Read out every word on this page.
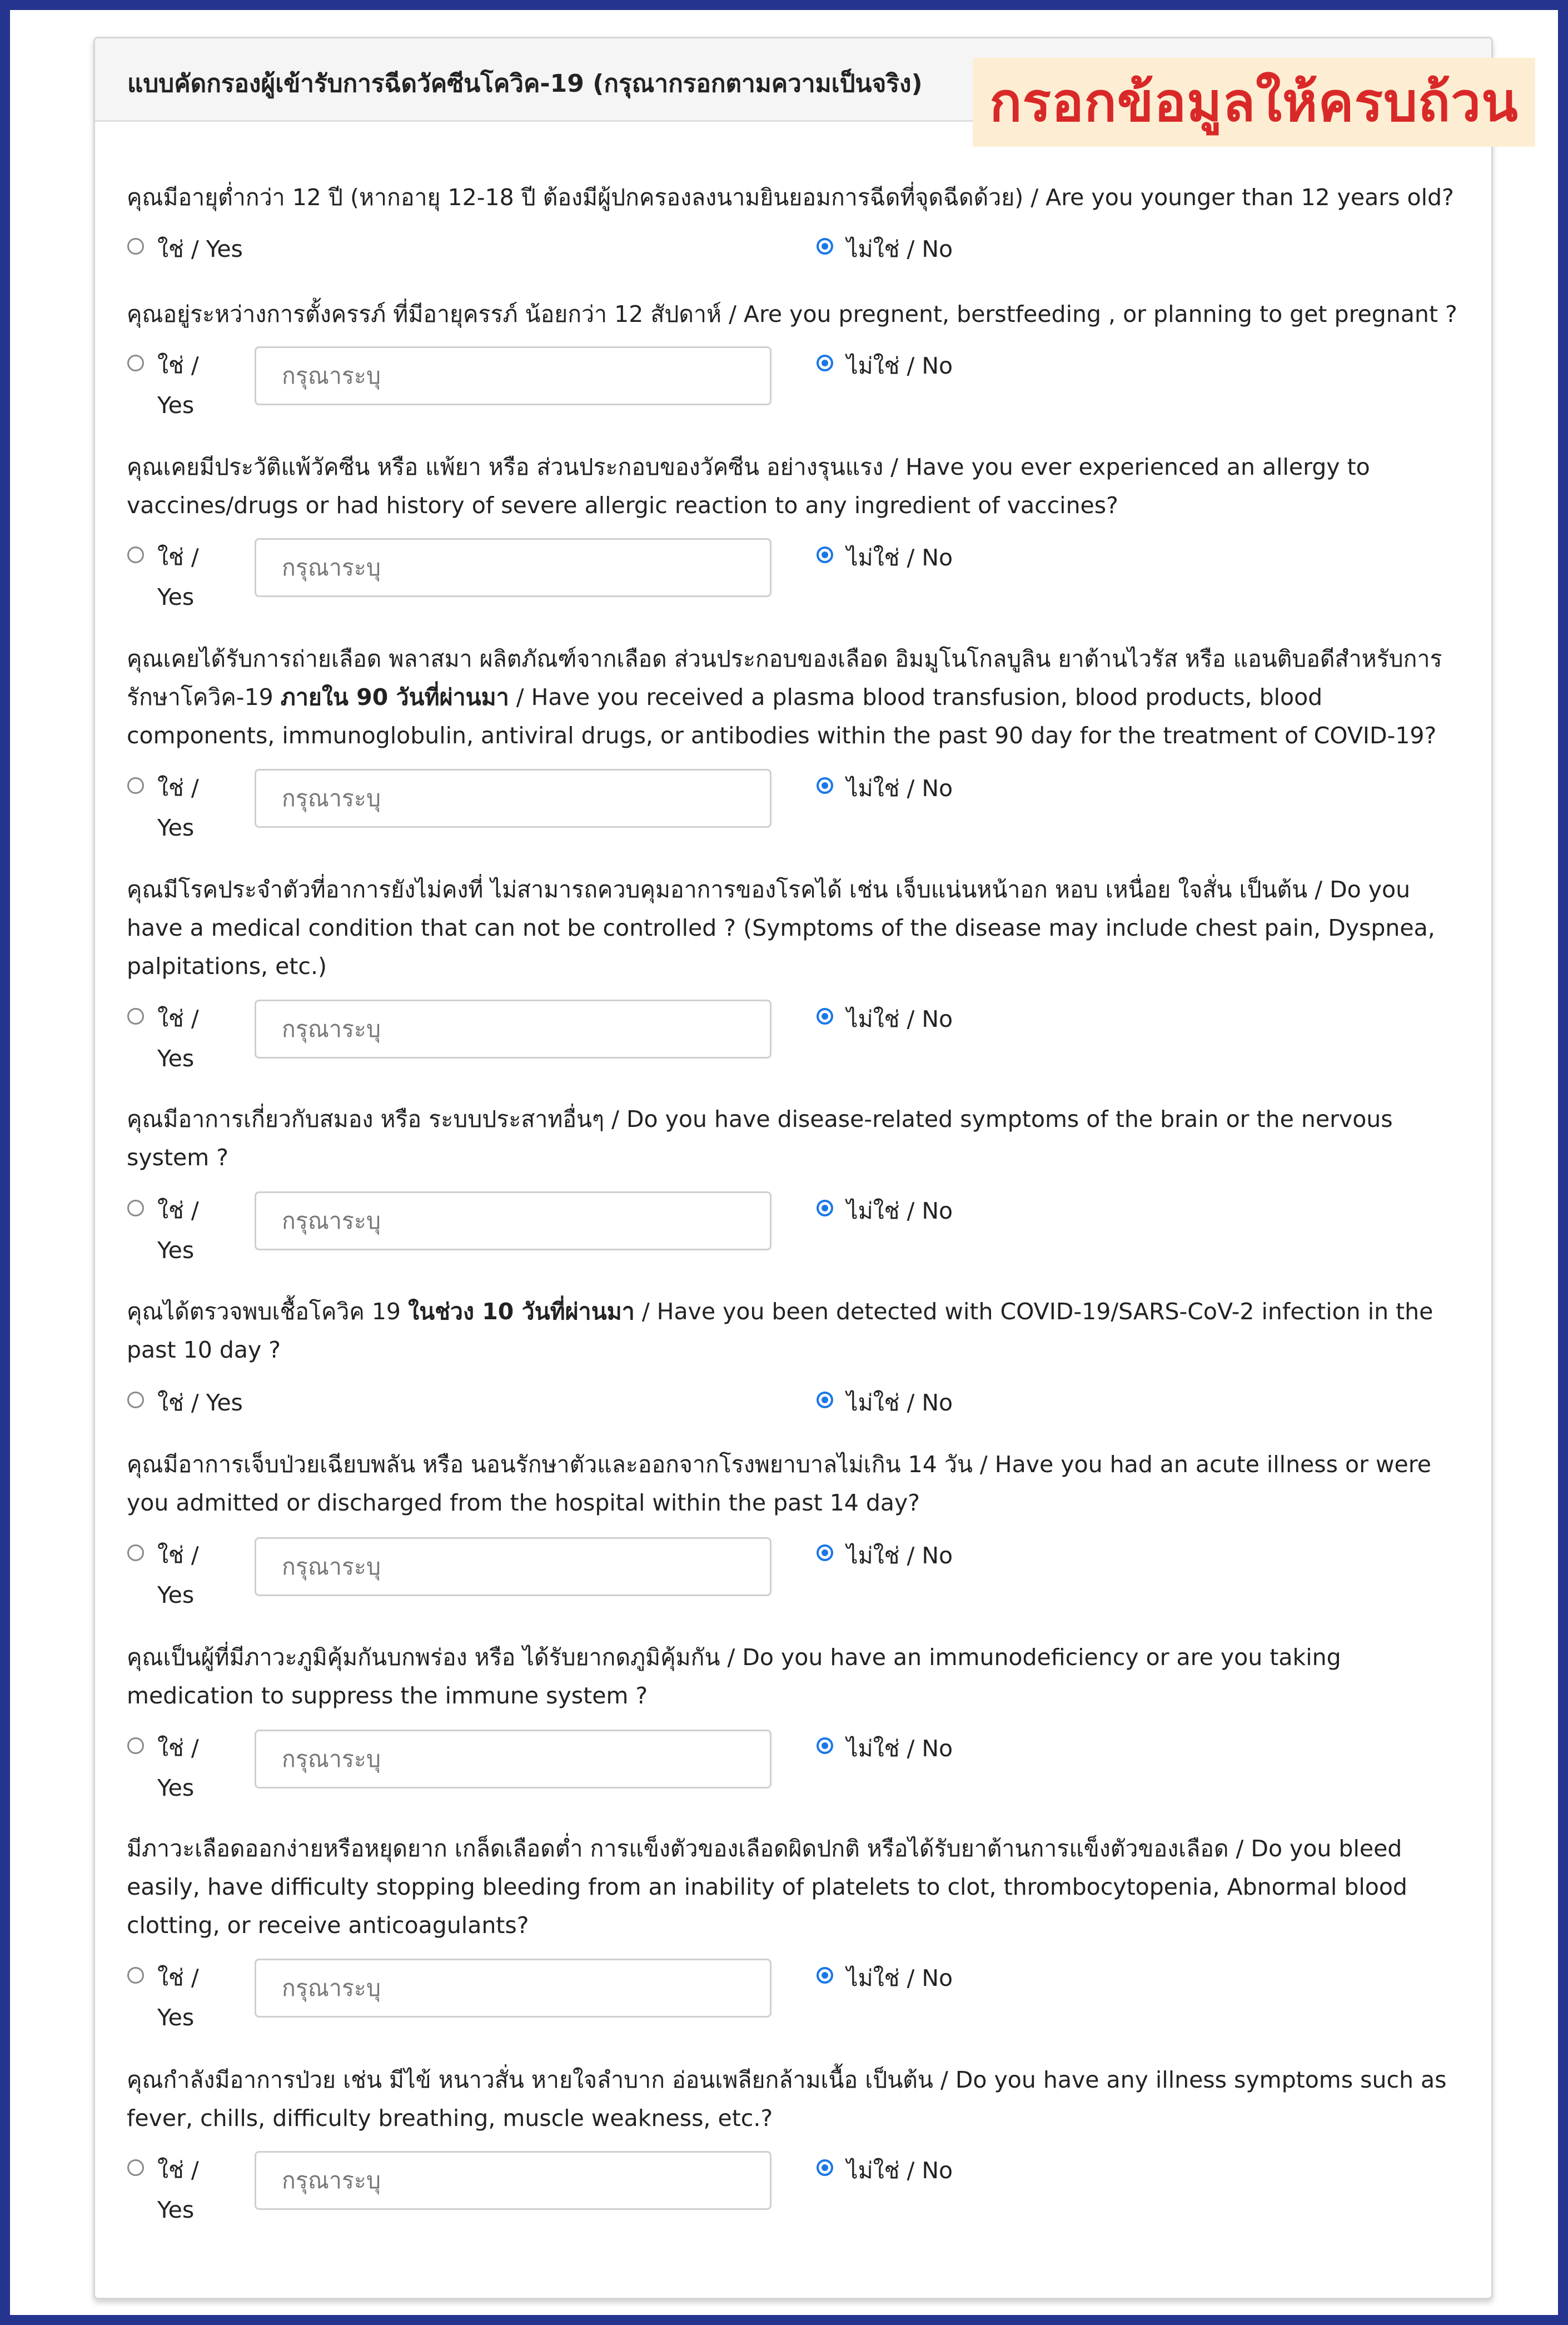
แบบคัดกรองผู้เข้ารับการฉีดวัคซีนโควิค-19 (กรุณากรอกตามความเป็นจริง) กรอกข้อมูลให้ครบถ้วน
คุณมีอายุต่ำกว่า 12 ปี (หากอายุ 12-18 ปี ต้องมีผู้ปกครองลงนามยินยอมการฉีดที่จุดฉีดด้วย) / Are you younger than 12 years old?
ใช่ / Yes	ไม่ใช่ / No
คุณอยู่ระหว่างการตั้งครรภ์ ที่มีอายุครรภ์ น้อยกว่า 12 สัปดาห์ / Are you pregnent, berstfeeding , or planning to get pregnant ?
ใช่ /
Yes
กรุณาระบุ
ไม่ใช่ / No
คุณเคยมีประวัติแพ้วัคซีน หรือ แพ้ยา หรือ ส่วนประกอบของวัคซีน อย่างรุนแรง / Have you ever experienced an allergy to vaccines/drugs or had history of severe allergic reaction to any ingredient of vaccines?
ใช่ /
Yes
กรุณาระบุ
ไม่ใช่ / No
คุณเคยได้รับการถ่ายเลือด พลาสมา ผลิตภัณฑ์จากเลือด ส่วนประกอบของเลือด อิมมูโนโกลบูลิน ยาต้านไวรัส หรือ แอนติบอดีสำหรับการรักษาโควิค-19 ภายใน 90 วันที่ผ่านมา / Have you received a plasma blood transfusion, blood products, blood components, immunoglobulin, antiviral drugs, or antibodies within the past 90 day for the treatment of COVID-19?
ใช่ /
Yes
กรุณาระบุ
ไม่ใช่ / No
คุณมีโรคประจำตัวที่อาการยังไม่คงที่ ไม่สามารถควบคุมอาการของโรคได้ เช่น เจ็บแน่นหน้าอก หอบ เหนื่อย ใจสั่น เป็นต้น / Do you have a medical condition that can not be controlled ? (Symptoms of the disease may include chest pain, Dyspnea, palpitations, etc.)
ใช่ /
Yes
กรุณาระบุ
ไม่ใช่ / No
คุณมีอาการเกี่ยวกับสมอง หรือ ระบบประสาทอื่นๆ / Do you have disease-related symptoms of the brain or the nervous system ?
ใช่ /
Yes
กรุณาระบุ
ไม่ใช่ / No
คุณได้ตรวจพบเชื้อโควิค 19 ในช่วง 10 วันที่ผ่านมา / Have you been detected with COVID-19/SARS-CoV-2 infection in the past 10 day ?
ใช่ / Yes	ไม่ใช่ / No
คุณมีอาการเจ็บป่วยเฉียบพลัน หรือ นอนรักษาตัวและออกจากโรงพยาบาลไม่เกิน 14 วัน / Have you had an acute illness or were you admitted or discharged from the hospital within the past 14 day?
ใช่ /
Yes
กรุณาระบุ
ไม่ใช่ / No
คุณเป็นผู้ที่มีภาวะภูมิคุ้มกันบกพร่อง หรือ ได้รับยากดภูมิคุ้มกัน / Do you have an immunodeficiency or are you taking medication to suppress the immune system ?
ใช่ /
Yes
กรุณาระบุ
ไม่ใช่ / No
มีภาวะเลือดออกง่ายหรือหยุดยาก เกล็ดเลือดต่ำ การแข็งตัวของเลือดผิดปกติ หรือได้รับยาต้านการแข็งตัวของเลือด / Do you bleed easily, have difficulty stopping bleeding from an inability of platelets to clot, thrombocytopenia, Abnormal blood clotting, or receive anticoagulants?
ใช่ /
Yes
กรุณาระบุ
ไม่ใช่ / No
คุณกำลังมีอาการป่วย เช่น มีไข้ หนาวสั่น หายใจลำบาก อ่อนเพลียกล้ามเนื้อ เป็นต้น / Do you have any illness symptoms such as fever, chills, difficulty breathing, muscle weakness, etc.?
ใช่ /
Yes
กรุณาระบุ
ไม่ใช่ / No
